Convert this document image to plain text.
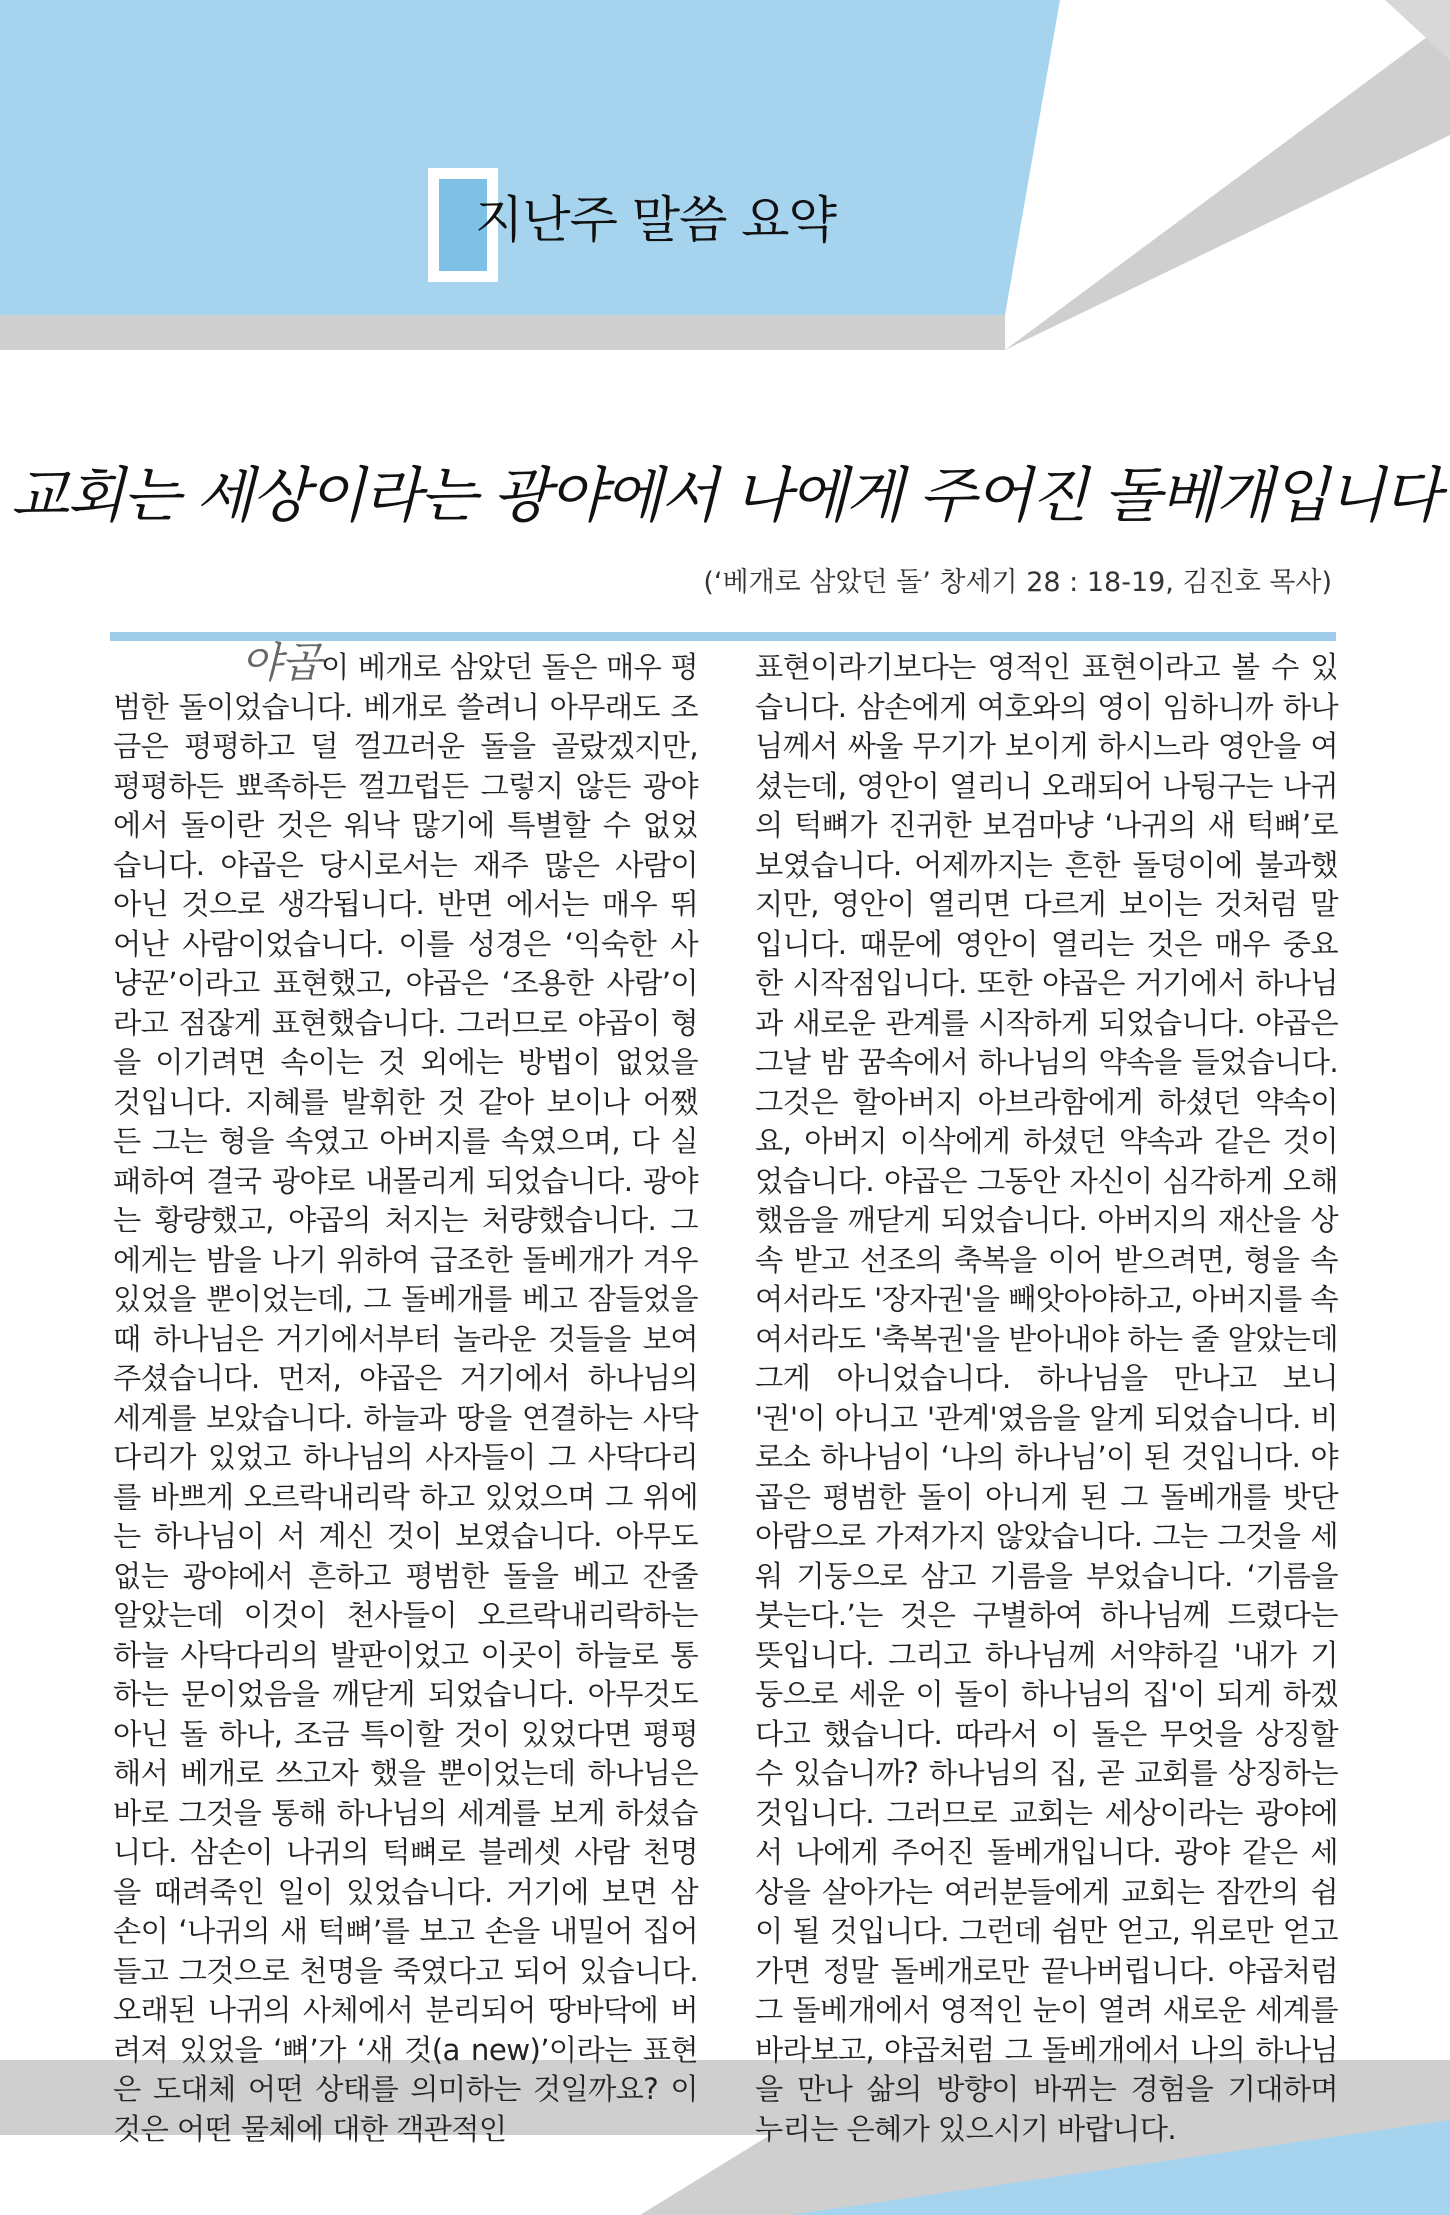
지난주 말씀 요약
교회는 세상이라는 광야에서 나에게 주어진 돌베개입니다
(‘베개로 삼았던 돌’ 창세기 28 : 18-19, 김진호 목사)
야곱이 베개로 삼았던 돌은 매우 평범한 돌이었습니다. 베개로 쓸려니 아무래도 조금은 평평하고 덜 껄끄러운 돌을 골랐겠지만, 평평하든 뾰족하든 껄끄럽든 그렇지 않든 광야에서 돌이란 것은 워낙 많기에 특별할 수 없었습니다. 야곱은 당시로서는 재주 많은 사람이 아닌 것으로 생각됩니다. 반면 에서는 매우 뛰어난 사람이었습니다. 이를 성경은 ‘익숙한 사냥꾼’이라고 표현했고, 야곱은 ‘조용한 사람’이라고 점잖게 표현했습니다. 그러므로 야곱이 형을 이기려면 속이는 것 외에는 방법이 없었을 것입니다. 지혜를 발휘한 것 같아 보이나 어쨌든 그는 형을 속였고 아버지를 속였으며, 다 실패하여 결국 광야로 내몰리게 되었습니다. 광야는 황량했고, 야곱의 처지는 처량했습니다. 그에게는 밤을 나기 위하여 급조한 돌베개가 겨우 있었을 뿐이었는데, 그 돌베개를 베고 잠들었을 때 하나님은 거기에서부터 놀라운 것들을 보여주셨습니다. 먼저, 야곱은 거기에서 하나님의 세계를 보았습니다. 하늘과 땅을 연결하는 사닥다리가 있었고 하나님의 사자들이 그 사닥다리를 바쁘게 오르락내리락 하고 있었으며 그 위에는 하나님이 서 계신 것이 보였습니다. 아무도 없는 광야에서 흔하고 평범한 돌을 베고 잔줄 알았는데 이것이 천사들이 오르락내리락하는 하늘 사닥다리의 발판이었고 이곳이 하늘로 통하는 문이었음을 깨닫게 되었습니다. 아무것도 아닌 돌 하나, 조금 특이할 것이 있었다면 평평해서 베개로 쓰고자 했을 뿐이었는데 하나님은 바로 그것을 통해 하나님의 세계를 보게 하셨습니다. 삼손이 나귀의 턱뼈로 블레셋 사람 천명을 때려죽인 일이 있었습니다. 거기에 보면 삼손이 ‘나귀의 새 턱뼈’를 보고 손을 내밀어 집어 들고 그것으로 천명을 죽였다고 되어 있습니다. 오래된 나귀의 사체에서 분리되어 땅바닥에 버려져 있었을 ‘뼈’가 ‘새 것(a new)’이라는 표현은 도대체 어떤 상태를 의미하는 것일까요? 이것은 어떤 물체에 대한 객관적인
표현이라기보다는 영적인 표현이라고 볼 수 있습니다. 삼손에게 여호와의 영이 임하니까 하나님께서 싸울 무기가 보이게 하시느라 영안을 여셨는데, 영안이 열리니 오래되어 나뒹구는 나귀의 턱뼈가 진귀한 보검마냥 ‘나귀의 새 턱뼈’로 보였습니다. 어제까지는 흔한 돌덩이에 불과했지만, 영안이 열리면 다르게 보이는 것처럼 말입니다. 때문에 영안이 열리는 것은 매우 중요한 시작점입니다. 또한 야곱은 거기에서 하나님과 새로운 관계를 시작하게 되었습니다. 야곱은 그날 밤 꿈속에서 하나님의 약속을 들었습니다. 그것은 할아버지 아브라함에게 하셨던 약속이요, 아버지 이삭에게 하셨던 약속과 같은 것이었습니다. 야곱은 그동안 자신이 심각하게 오해했음을 깨닫게 되었습니다. 아버지의 재산을 상속 받고 선조의 축복을 이어 받으려면, 형을 속여서라도 '장자권'을 빼앗아야하고, 아버지를 속여서라도 '축복권'을 받아내야 하는 줄 알았는데 그게 아니었습니다. 하나님을 만나고 보니 '권'이 아니고 '관계'였음을 알게 되었습니다. 비로소 하나님이 ‘나의 하나님’이 된 것입니다. 야곱은 평범한 돌이 아니게 된 그 돌베개를 밧단아람으로 가져가지 않았습니다. 그는 그것을 세워 기둥으로 삼고 기름을 부었습니다. ‘기름을 붓는다.’는 것은 구별하여 하나님께 드렸다는 뜻입니다. 그리고 하나님께 서약하길 '내가 기둥으로 세운 이 돌이 하나님의 집'이 되게 하겠다고 했습니다. 따라서 이 돌은 무엇을 상징할 수 있습니까? 하나님의 집, 곧 교회를 상징하는 것입니다. 그러므로 교회는 세상이라는 광야에서 나에게 주어진 돌베개입니다. 광야 같은 세상을 살아가는 여러분들에게 교회는 잠깐의 쉼이 될 것입니다. 그런데 쉼만 얻고, 위로만 얻고 가면 정말 돌베개로만 끝나버립니다. 야곱처럼 그 돌베개에서 영적인 눈이 열려 새로운 세계를 바라보고, 야곱처럼 그 돌베개에서 나의 하나님을 만나 삶의 방향이 바뀌는 경험을 기대하며 누리는 은혜가 있으시기 바랍니다.
